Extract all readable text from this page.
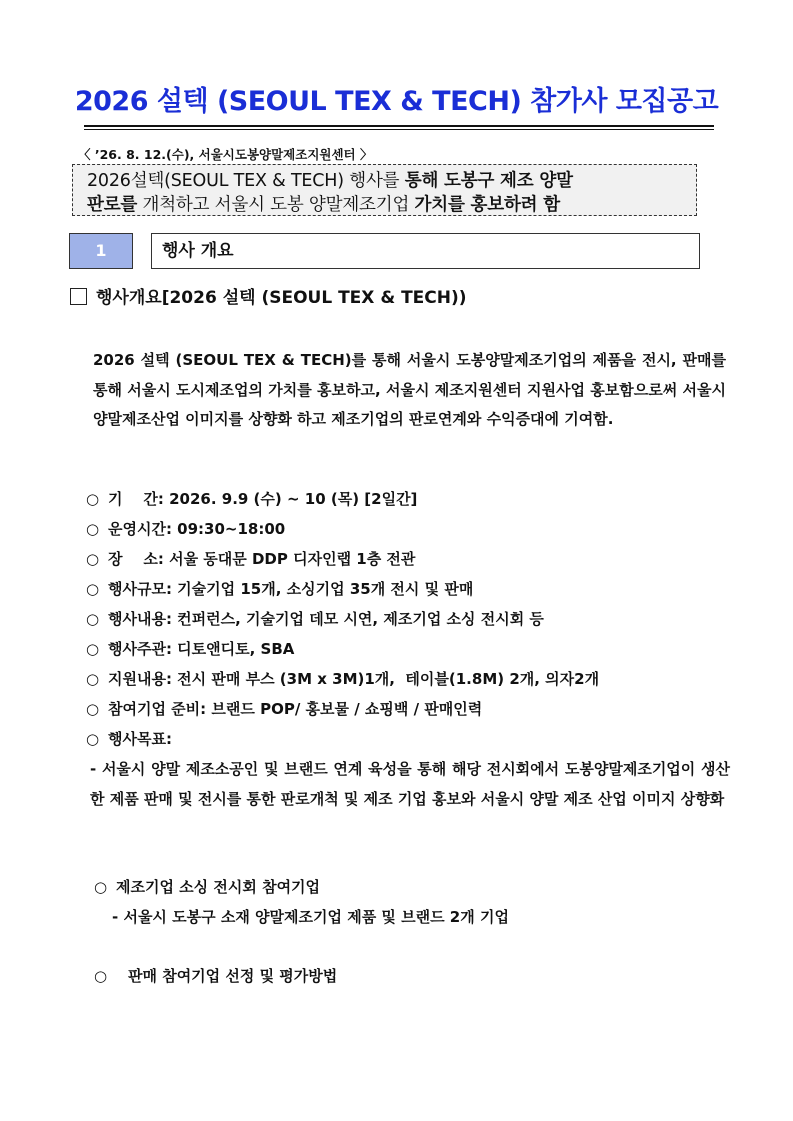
2026 설텍 (SEOUL TEX & TECH) 참가사 모집공고
〈 ’26. 8. 12.(수), 서울시도봉양말제조지원센터 〉
2026설텍(SEOUL TEX & TECH) 행사를 통해 도봉구 제조 양말
판로를 개척하고 서울시 도봉 양말제조기업 가치를 홍보하려 함
1	행사 개요
행사개요[2026 설텍 (SEOUL TEX & TECH))
2026 설텍 (SEOUL TEX & TECH)를 통해 서울시 도봉양말제조기업의 제품을 전시, 판매를 통해 서울시 도시제조업의 가치를 홍보하고, 서울시 제조지원센터 지원사업 홍보함으로써 서울시 양말제조산업 이미지를 상향화 하고 제조기업의 판로연계와 수익증대에 기여함.
○ 기    간: 2026. 9.9 (수) ~ 10 (목) [2일간]
○ 운영시간: 09:30~18:00
○ 장    소: 서울 동대문 DDP 디자인랩 1층 전관
○ 행사규모: 기술기업 15개, 소싱기업 35개 전시 및 판매
○ 행사내용: 컨퍼런스, 기술기업 데모 시연, 제조기업 소싱 전시회 등
○ 행사주관: 디토앤디토, SBA
○ 지원내용: 전시 판매 부스 (3M x 3M)1개,  테이블(1.8M) 2개, 의자2개
○ 참여기업 준비: 브랜드 POP/ 홍보물 / 쇼핑백 / 판매인력
○ 행사목표:
- 서울시 양말 제조소공인 및 브랜드 연계 육성을 통해 해당 전시회에서 도봉양말제조기업이 생산한 제품 판매 및 전시를 통한 판로개척 및 제조 기업 홍보와 서울시 양말 제조 산업 이미지 상향화
○ 제조기업 소싱 전시회 참여기업
- 서울시 도봉구 소재 양말제조기업 제품 및 브랜드 2개 기업
○ 판매 참여기업 선정 및 평가방법
